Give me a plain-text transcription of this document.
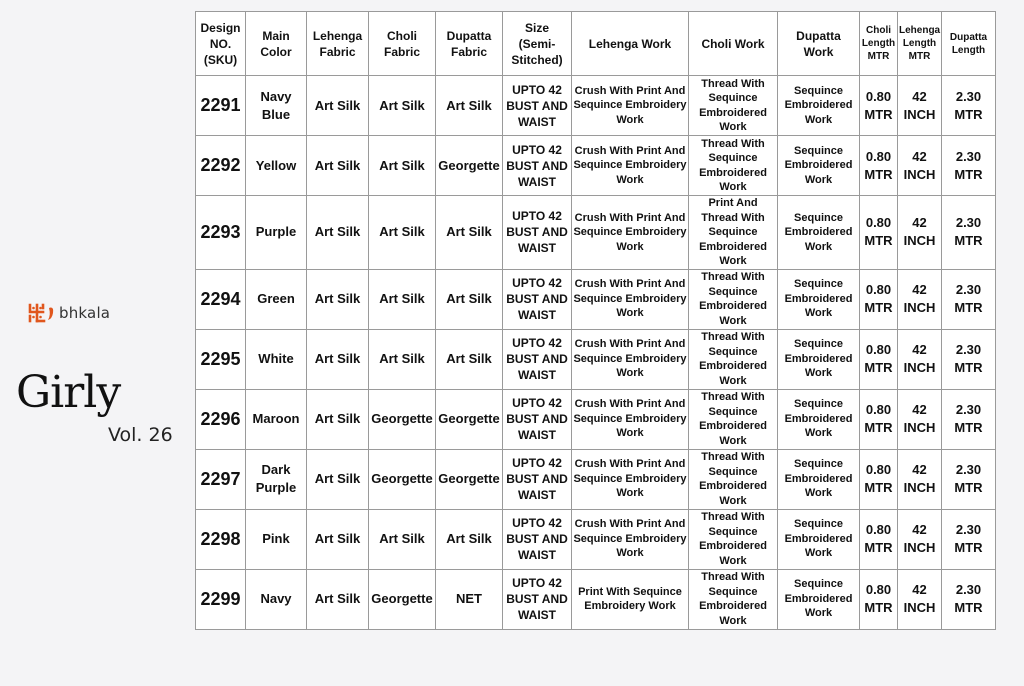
bhkala
Girly
Vol. 26
Design
NO.
(SKU)	Main
Color	Lehenga
Fabric	Choli
Fabric	Dupatta
Fabric	Size
(Semi-
Stitched)	Lehenga Work	Choli Work	Dupatta
Work	Choli
Length
MTR	Lehenga
Length
MTR	Dupatta
Length
2291	Navy
Blue	Art Silk	Art Silk	Art Silk	UPTO 42
BUST AND
WAIST	Crush With Print And
Sequince Embroidery
Work	Thread With
Sequince
Embroidered
Work	Sequince
Embroidered
Work	0.80
MTR	42
INCH	2.30
MTR
2292	Yellow	Art Silk	Art Silk	Georgette	UPTO 42
BUST AND
WAIST	Crush With Print And
Sequince Embroidery
Work	Thread With
Sequince
Embroidered
Work	Sequince
Embroidered
Work	0.80
MTR	42
INCH	2.30
MTR
2293	Purple	Art Silk	Art Silk	Art Silk	UPTO 42
BUST AND
WAIST	Crush With Print And
Sequince Embroidery
Work	Print And
Thread With
Sequince
Embroidered
Work	Sequince
Embroidered
Work	0.80
MTR	42
INCH	2.30
MTR
2294	Green	Art Silk	Art Silk	Art Silk	UPTO 42
BUST AND
WAIST	Crush With Print And
Sequince Embroidery
Work	Thread With
Sequince
Embroidered
Work	Sequince
Embroidered
Work	0.80
MTR	42
INCH	2.30
MTR
2295	White	Art Silk	Art Silk	Art Silk	UPTO 42
BUST AND
WAIST	Crush With Print And
Sequince Embroidery
Work	Thread With
Sequince
Embroidered
Work	Sequince
Embroidered
Work	0.80
MTR	42
INCH	2.30
MTR
2296	Maroon	Art Silk	Georgette	Georgette	UPTO 42
BUST AND
WAIST	Crush With Print And
Sequince Embroidery
Work	Thread With
Sequince
Embroidered
Work	Sequince
Embroidered
Work	0.80
MTR	42
INCH	2.30
MTR
2297	Dark
Purple	Art Silk	Georgette	Georgette	UPTO 42
BUST AND
WAIST	Crush With Print And
Sequince Embroidery
Work	Thread With
Sequince
Embroidered
Work	Sequince
Embroidered
Work	0.80
MTR	42
INCH	2.30
MTR
2298	Pink	Art Silk	Art Silk	Art Silk	UPTO 42
BUST AND
WAIST	Crush With Print And
Sequince Embroidery
Work	Thread With
Sequince
Embroidered
Work	Sequince
Embroidered
Work	0.80
MTR	42
INCH	2.30
MTR
2299	Navy	Art Silk	Georgette	NET	UPTO 42
BUST AND
WAIST	Print With Sequince
Embroidery Work	Thread With
Sequince
Embroidered
Work	Sequince
Embroidered
Work	0.80
MTR	42
INCH	2.30
MTR
